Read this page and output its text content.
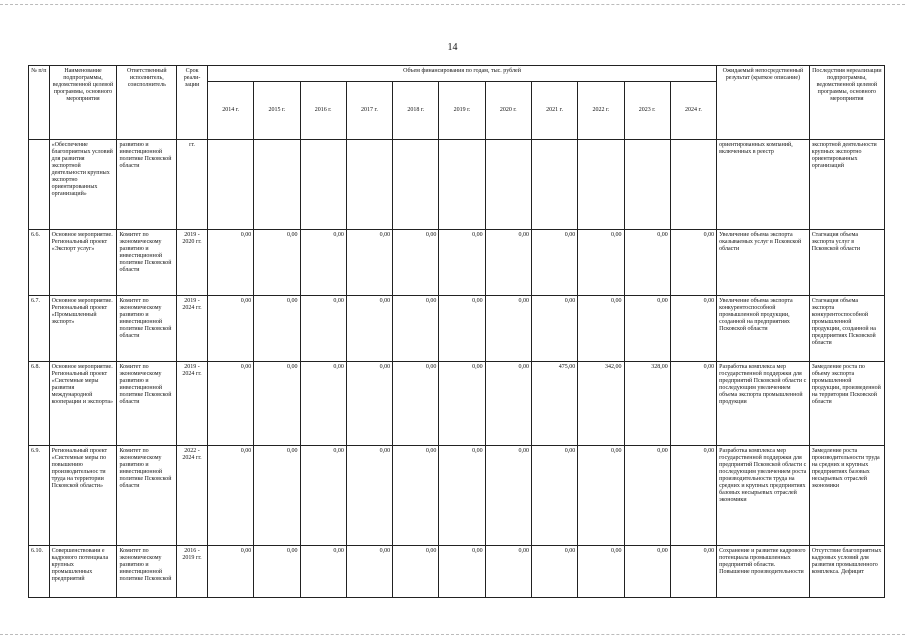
14
№ п/п	Наименование подпрограммы, ведомственной целевой программы, основного мероприятия	Ответственный исполнитель, соисполнитель	Срок реали-зации	Объем финансирования по годам, тыс. рублей											Ожидаемый непосредственный результат (краткое описание)	Последствия нереализации подпрограммы, ведомственной целевой программы, основного мероприятия
				2014 г.	2015 г.	2016 г.	2017 г.	2018 г.	2019 г.	2020 г.	2021 г.	2022 г.	2023 г.	2024 г.		
	«Обеспечение благоприятных условий для развития экспортной деятельности крупных экспортно ориентированных организаций»	развитию и инвестиционной политике Псковской области	гг.												ориентированных компаний, включенных в реестр	экспортной деятельности крупных экспортно ориентированных организаций
6.6.	Основное мероприятие. Региональный проект «Экспорт услуг»	Комитет по экономическому развитию и инвестиционной политике Псковской области	2019 - 2020 гг.	0,00	0,00	0,00	0,00	0,00	0,00	0,00	0,00	0,00	0,00	0,00	Увеличение объема экспорта оказываемых услуг в Псковской области	Стагнация объема экспорта услуг в Псковской области
6.7.	Основное мероприятие. Региональный проект «Промышленный экспорт»	Комитет по экономическому развитию и инвестиционной политике Псковской области	2019 - 2024 гг.	0,00	0,00	0,00	0,00	0,00	0,00	0,00	0,00	0,00	0,00	0,00	Увеличение объема экспорта конкурентоспособной промышленной продукции, созданной на предприятиях Псковской области	Стагнация объема экспорта конкурентоспособной промышленной продукции, созданной на предприятиях Псковской области
6.8.	Основное мероприятие. Региональный проект «Системные меры развития международной кооперации и экспорта»	Комитет по экономическому развитию и инвестиционной политике Псковской области	2019 - 2024 гг.	0,00	0,00	0,00	0,00	0,00	0,00	0,00	475,00	342,00	328,00	0,00	Разработка комплекса мер государственной поддержки для предприятий Псковской области с последующим увеличением объема экспорта промышленной продукции	Замедление роста по объему экспорта промышленной продукции, произведенной на территории Псковской области
6.9.	Региональный проект «Системные меры по повышению производительнос ти труда на территории Псковской области»	Комитет по экономическому развитию и инвестиционной политике Псковской области	2022 - 2024 гг.	0,00	0,00	0,00	0,00	0,00	0,00	0,00	0,00	0,00	0,00	0,00	Разработка комплекса мер государственной поддержки для предприятий Псковской области с последующим увеличением роста производительности труда на средних и крупных предприятиях базовых несырьевых отраслей экономики	Замедление роста производительности труда на средних и крупных предприятиях базовых несырьевых отраслей экономики
6.10.	Совершенствовани е кадрового потенциала крупных промышленных предприятий	Комитет по экономическому развитию и инвестиционной политике Псковской	2016 - 2019 гг.	0,00	0,00	0,00	0,00	0,00	0,00	0,00	0,00	0,00	0,00	0,00	Сохранение и развитие кадрового потенциала промышленных предприятий области. Повышение производительности	Отсутствие благоприятных кадровых условий для развития промышленного комплекса. Дефицит
